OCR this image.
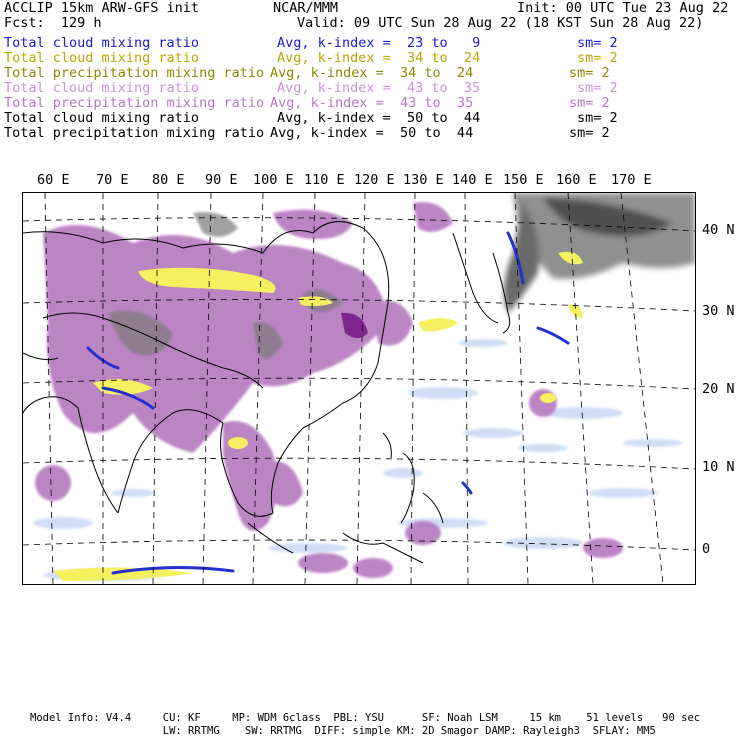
ACCLIP 15km ARW-GFS init	NCAR/MMM	Init: 00 UTC Tue 23 Aug 22
Fcst:  129 h	Valid: 09 UTC Sun 28 Aug 22 (18 KST Sun 28 Aug 22)
Total cloud mixing ratio	Avg, k-index =  23 to   9	sm= 2
Total cloud mixing ratio	Avg, k-index =  34 to  24	sm= 2
Total precipitation mixing ratio Avg, k-index =  34 to  24	sm= 2
Total cloud mixing ratio	Avg, k-index =  43 to  35	sm= 2
Total precipitation mixing ratio Avg, k-index =  43 to  35	sm= 2
Total cloud mixing ratio	Avg, k-index =  50 to  44	sm= 2
Total precipitation mixing ratio Avg, k-index =  50 to  44	sm= 2
60 E 70 E 80 E 90 E 100 E 110 E 120 E 130 E 140 E 150 E 160 E 170 E
40 N
30 N
20 N
10 N
0
Model Info: V4.4     CU: KF     MP: WDM 6class  PBL: YSU      SF: Noah LSM     15 km    51 levels   90 sec
LW: RRTMG    SW: RRTMG  DIFF: simple KM: 2D Smagor DAMP: Rayleigh3  SFLAY: MM5
